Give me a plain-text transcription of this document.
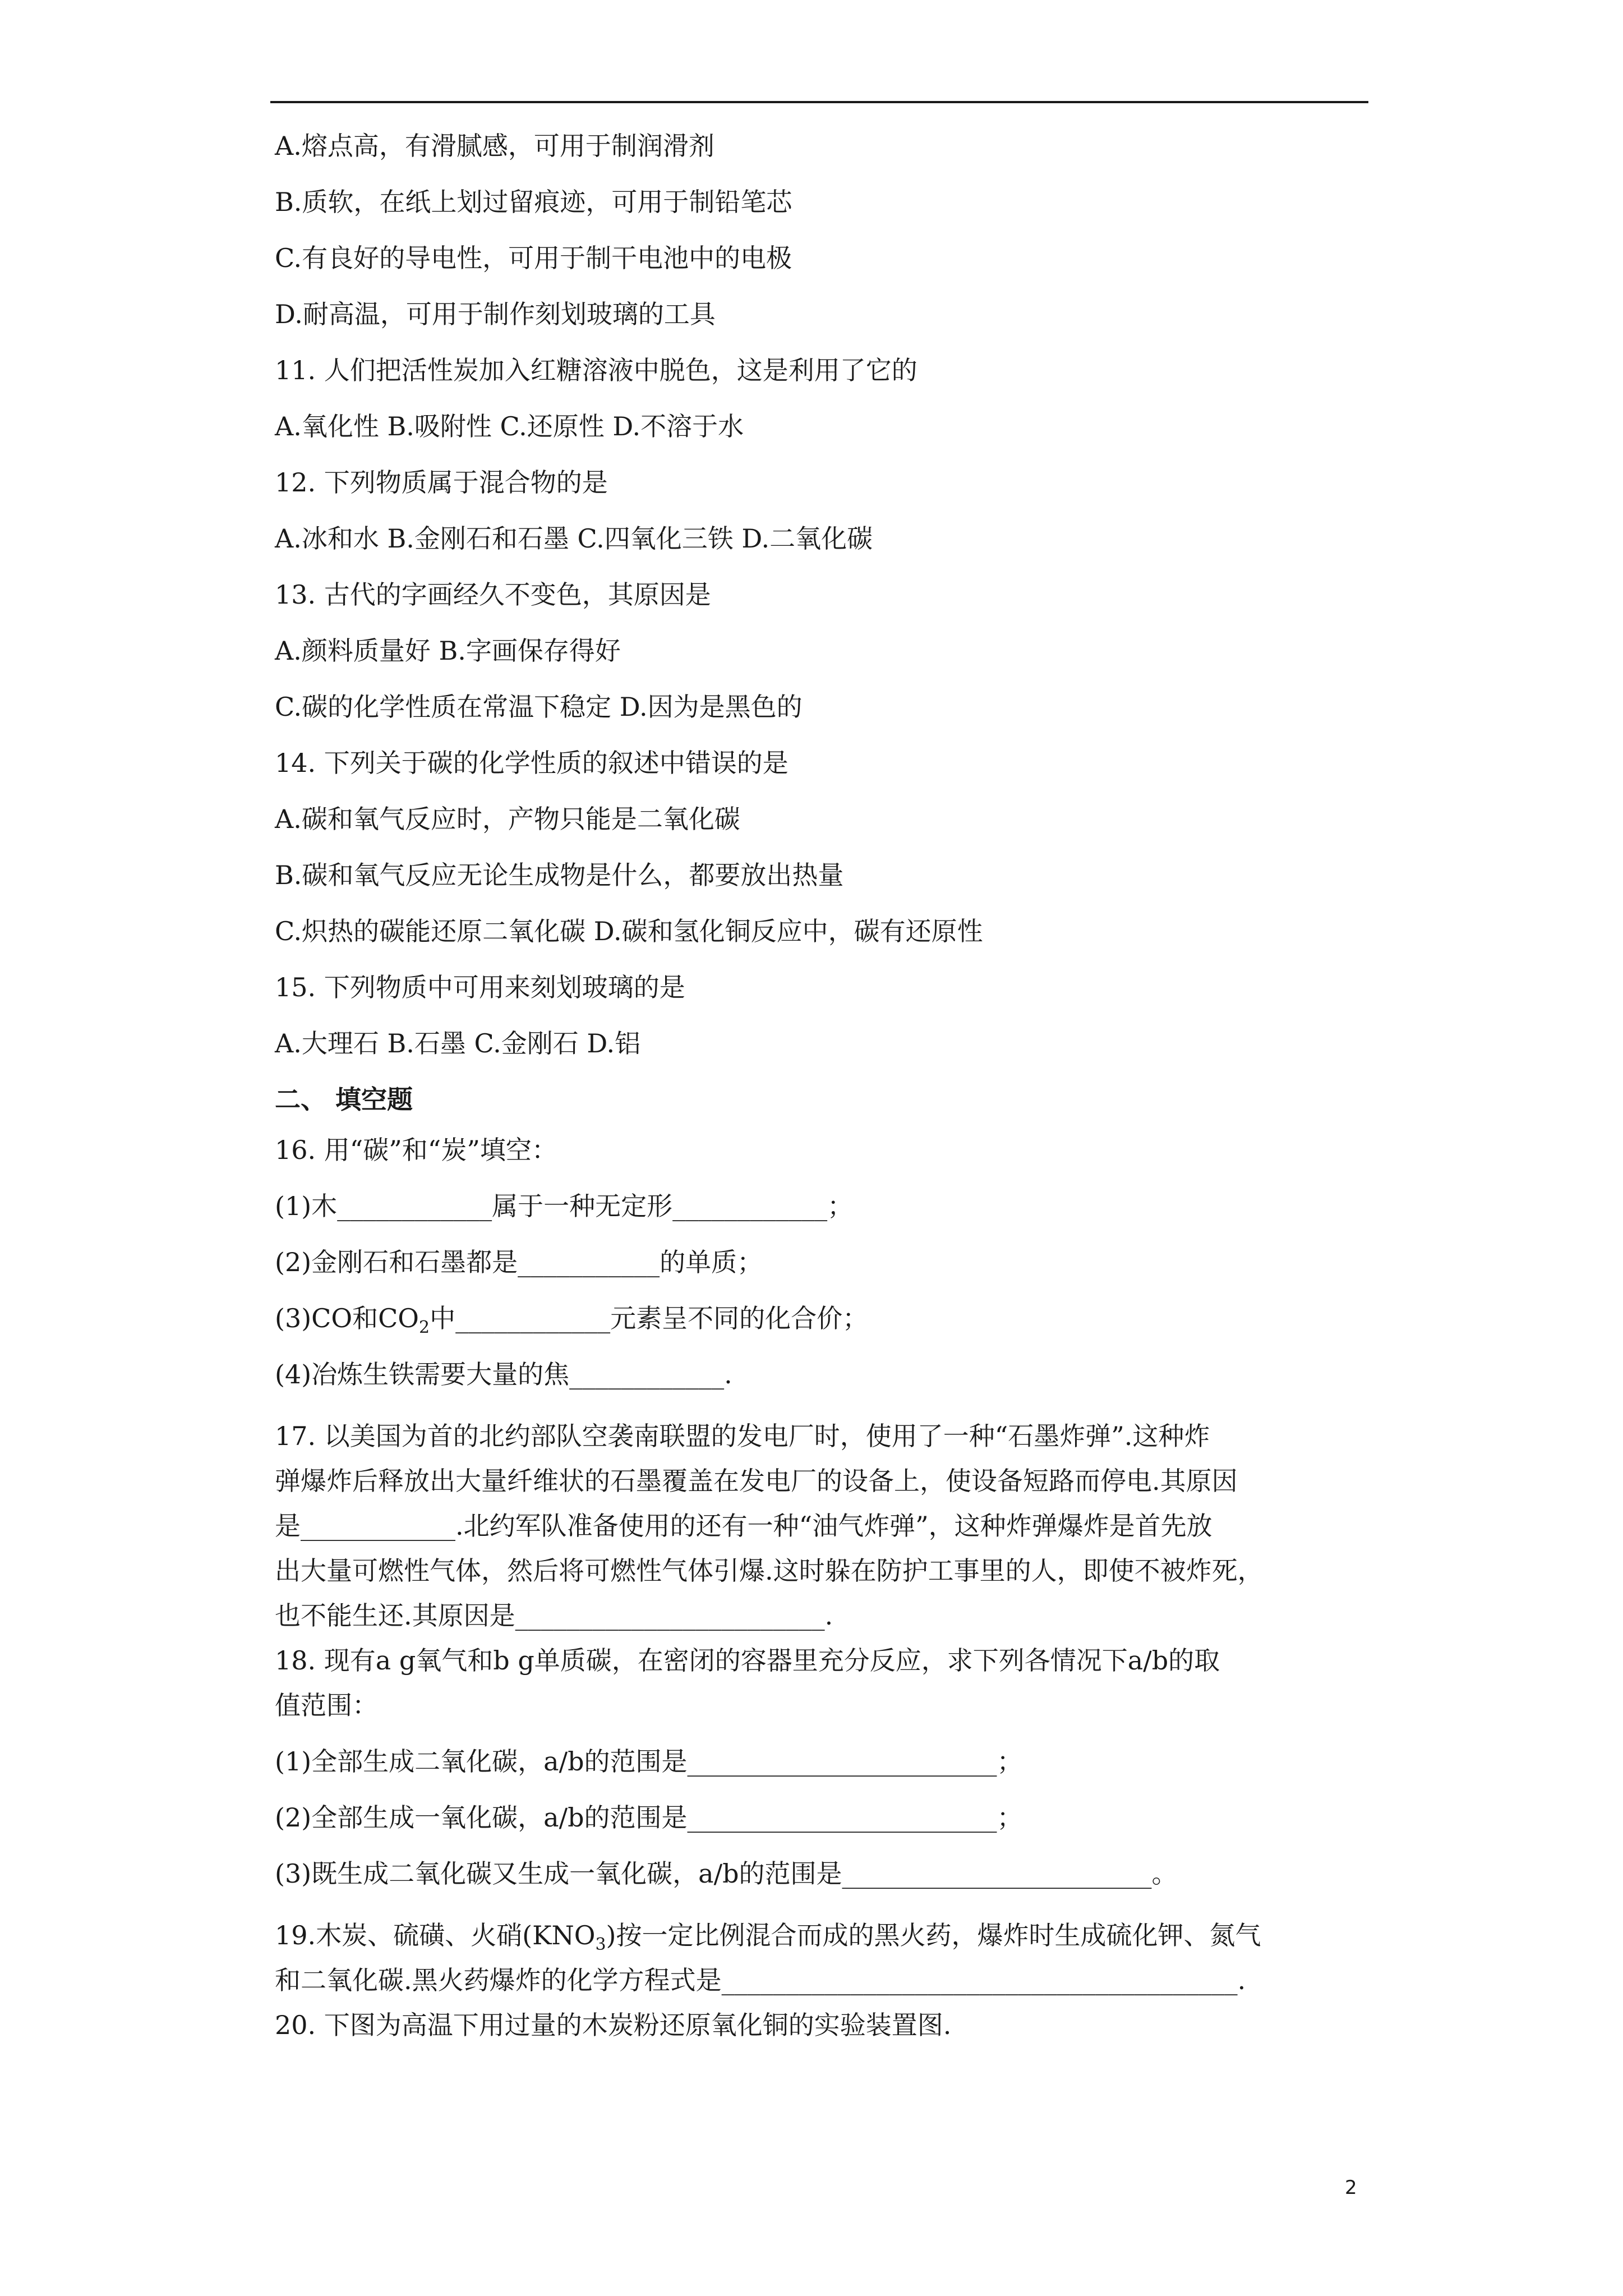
A.熔点高，有滑腻感，可用于制润滑剂
B.质软，在纸上划过留痕迹，可用于制铅笔芯
C.有良好的导电性，可用于制干电池中的电极
D.耐高温，可用于制作刻划玻璃的工具
11. 人们把活性炭加入红糖溶液中脱色，这是利用了它的
A.氧化性 B.吸附性 C.还原性 D.不溶于水
12. 下列物质属于混合物的是
A.冰和水 B.金刚石和石墨 C.四氧化三铁 D.二氧化碳
13. 古代的字画经久不变色，其原因是
A.颜料质量好 B.字画保存得好
C.碳的化学性质在常温下稳定 D.因为是黑色的
14. 下列关于碳的化学性质的叙述中错误的是
A.碳和氧气反应时，产物只能是二氧化碳
B.碳和氧气反应无论生成物是什么，都要放出热量
C.炽热的碳能还原二氧化碳 D.碳和氢化铜反应中，碳有还原性
15. 下列物质中可用来刻划玻璃的是
A.大理石 B.石墨 C.金刚石 D.铝
二、 填空题
16. 用“碳”和“炭”填空：
(1)木____________属于一种无定形____________；
(2)金刚石和石墨都是___________的单质；
(3)CO和$CO_2$中____________元素呈不同的化合价；
(4)冶炼生铁需要大量的焦____________.
17. 以美国为首的北约部队空袭南联盟的发电厂时，使用了一种“石墨炸弹”.这种炸
弹爆炸后释放出大量纤维状的石墨覆盖在发电厂的设备上，使设备短路而停电.其原因
是____________.北约军队准备使用的还有一种“油气炸弹”，这种炸弹爆炸是首先放
出大量可燃性气体，然后将可燃性气体引爆.这时躲在防护工事里的人，即使不被炸死，
也不能生还.其原因是________________________.
18. 现有a g氧气和b g单质碳，在密闭的容器里充分反应，求下列各情况下a/b的取
值范围：
(1)全部生成二氧化碳，a/b的范围是________________________；
(2)全部生成一氧化碳，a/b的范围是________________________；
(3)既生成二氧化碳又生成一氧化碳，a/b的范围是________________________。
19.木炭、硫磺、火硝$(KNO_3)$按一定比例混合而成的黑火药，爆炸时生成硫化钾、氮气
和二氧化碳.黑火药爆炸的化学方程式是________________________________________.
20. 下图为高温下用过量的木炭粉还原氧化铜的实验装置图.
2
